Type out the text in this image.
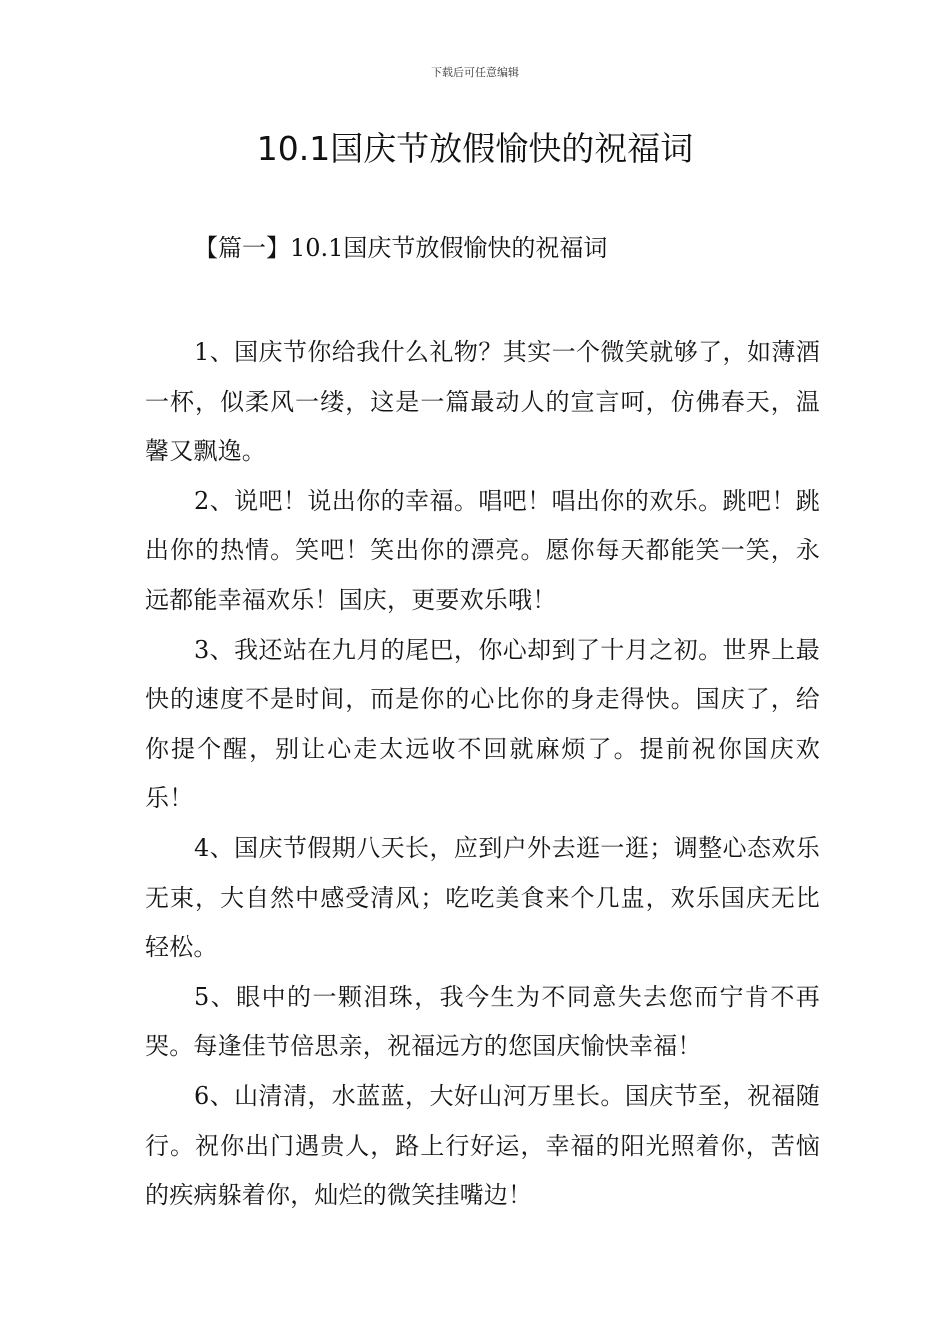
下载后可任意编辑
10.1国庆节放假愉快的祝福词
【篇一】10.1国庆节放假愉快的祝福词

1、国庆节你给我什么礼物？其实一个微笑就够了，如薄酒一杯，似柔风一缕，这是一篇最动人的宣言呵，仿佛春天，温馨又飘逸。

2、说吧！说出你的幸福。唱吧！唱出你的欢乐。跳吧！跳出你的热情。笑吧！笑出你的漂亮。愿你每天都能笑一笑，永远都能幸福欢乐！国庆，更要欢乐哦！

3、我还站在九月的尾巴，你心却到了十月之初。世界上最快的速度不是时间，而是你的心比你的身走得快。国庆了，给你提个醒，别让心走太远收不回就麻烦了。提前祝你国庆欢乐！

4、国庆节假期八天长，应到户外去逛一逛；调整心态欢乐无束，大自然中感受清风；吃吃美食来个几盅，欢乐国庆无比轻松。

5、眼中的一颗泪珠，我今生为不同意失去您而宁肯不再哭。每逢佳节倍思亲，祝福远方的您国庆愉快幸福！

6、山清清，水蓝蓝，大好山河万里长。国庆节至，祝福随行。祝你出门遇贵人，路上行好运，幸福的阳光照着你，苦恼的疾病躲着你，灿烂的微笑挂嘴边！
